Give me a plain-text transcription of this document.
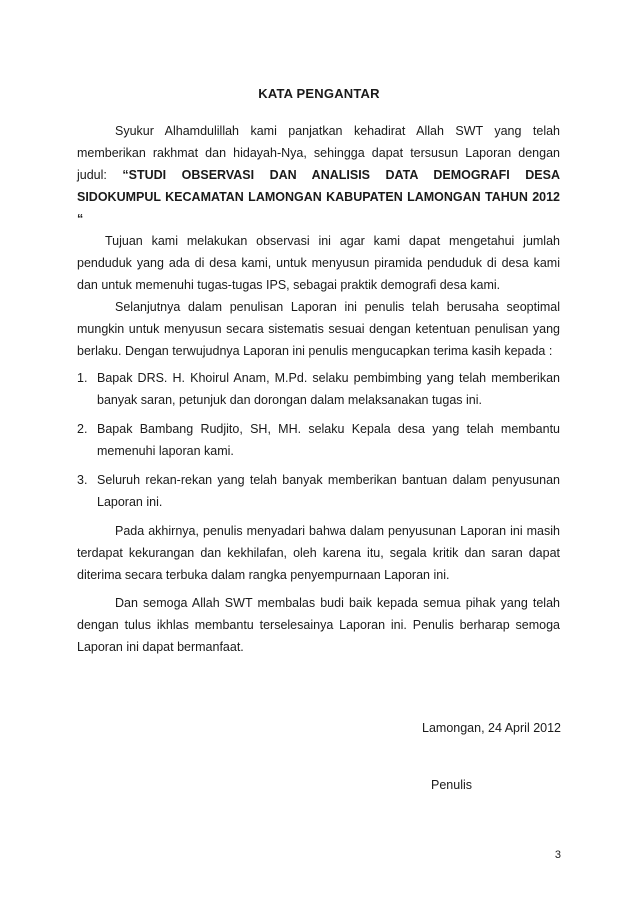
KATA PENGANTAR

Syukur Alhamdulillah kami panjatkan kehadirat Allah SWT yang telah memberikan rakhmat dan hidayah-Nya, sehingga dapat tersusun Laporan dengan judul: “STUDI OBSERVASI DAN ANALISIS DATA DEMOGRAFI DESA SIDOKUMPUL KECAMATAN LAMONGAN KABUPATEN LAMONGAN TAHUN 2012 “

Tujuan kami melakukan observasi ini agar kami dapat mengetahui jumlah penduduk yang ada di desa kami, untuk menyusun piramida penduduk di desa kami dan untuk memenuhi tugas-tugas IPS, sebagai praktik demografi desa kami.

Selanjutnya dalam penulisan Laporan ini penulis telah berusaha seoptimal mungkin untuk menyusun secara sistematis sesuai dengan ketentuan penulisan yang berlaku. Dengan terwujudnya Laporan ini penulis mengucapkan terima kasih kepada :

1. Bapak DRS. H. Khoirul Anam, M.Pd. selaku pembimbing yang telah memberikan banyak saran, petunjuk dan dorongan dalam melaksanakan tugas ini.
2. Bapak Bambang Rudjito, SH, MH. selaku Kepala desa yang telah membantu memenuhi laporan kami.
3. Seluruh rekan-rekan yang telah banyak memberikan bantuan dalam penyusunan Laporan ini.

Pada akhirnya, penulis menyadari bahwa dalam penyusunan Laporan ini masih terdapat kekurangan dan kekhilafan, oleh karena itu, segala kritik dan saran dapat diterima secara terbuka dalam rangka penyempurnaan Laporan ini.

Dan semoga Allah SWT membalas budi baik kepada semua pihak yang telah dengan tulus ikhlas membantu terselesainya Laporan ini. Penulis berharap semoga Laporan ini dapat bermanfaat.

Lamongan, 24 April 2012
Penulis
3
